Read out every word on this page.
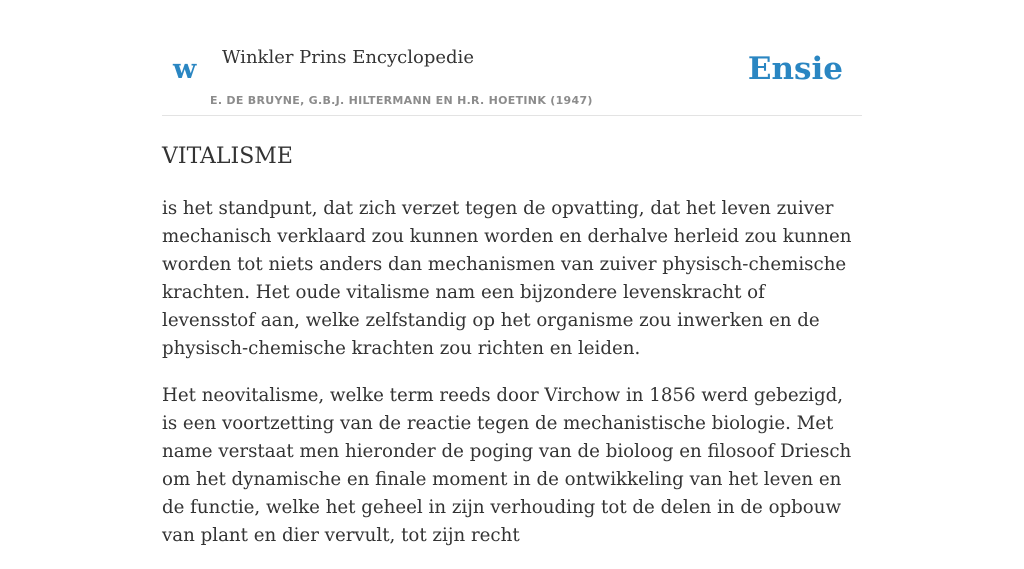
w Winkler Prins Encyclopedie
E. DE BRUYNE, G.B.J. HILTERMANN EN H.R. HOETINK (1947)
Ensie
VITALISME

is het standpunt, dat zich verzet tegen de opvatting, dat het leven zuiver mechanisch verklaard zou kunnen worden en derhalve herleid zou kunnen worden tot niets anders dan mechanismen van zuiver physisch-chemische krachten. Het oude vitalisme nam een bijzondere levenskracht of levensstof aan, welke zelfstandig op het organisme zou inwerken en de physisch-chemische krachten zou richten en leiden.

Het neovitalisme, welke term reeds door Virchow in 1856 werd gebezigd, is een voortzetting van de reactie tegen de mechanistische biologie. Met name verstaat men hieronder de poging van de bioloog en filosoof Driesch om het dynamische en finale moment in de ontwikkeling van het leven en de functie, welke het geheel in zijn verhouding tot de delen in de opbouw van plant en dier vervult, tot zijn recht
